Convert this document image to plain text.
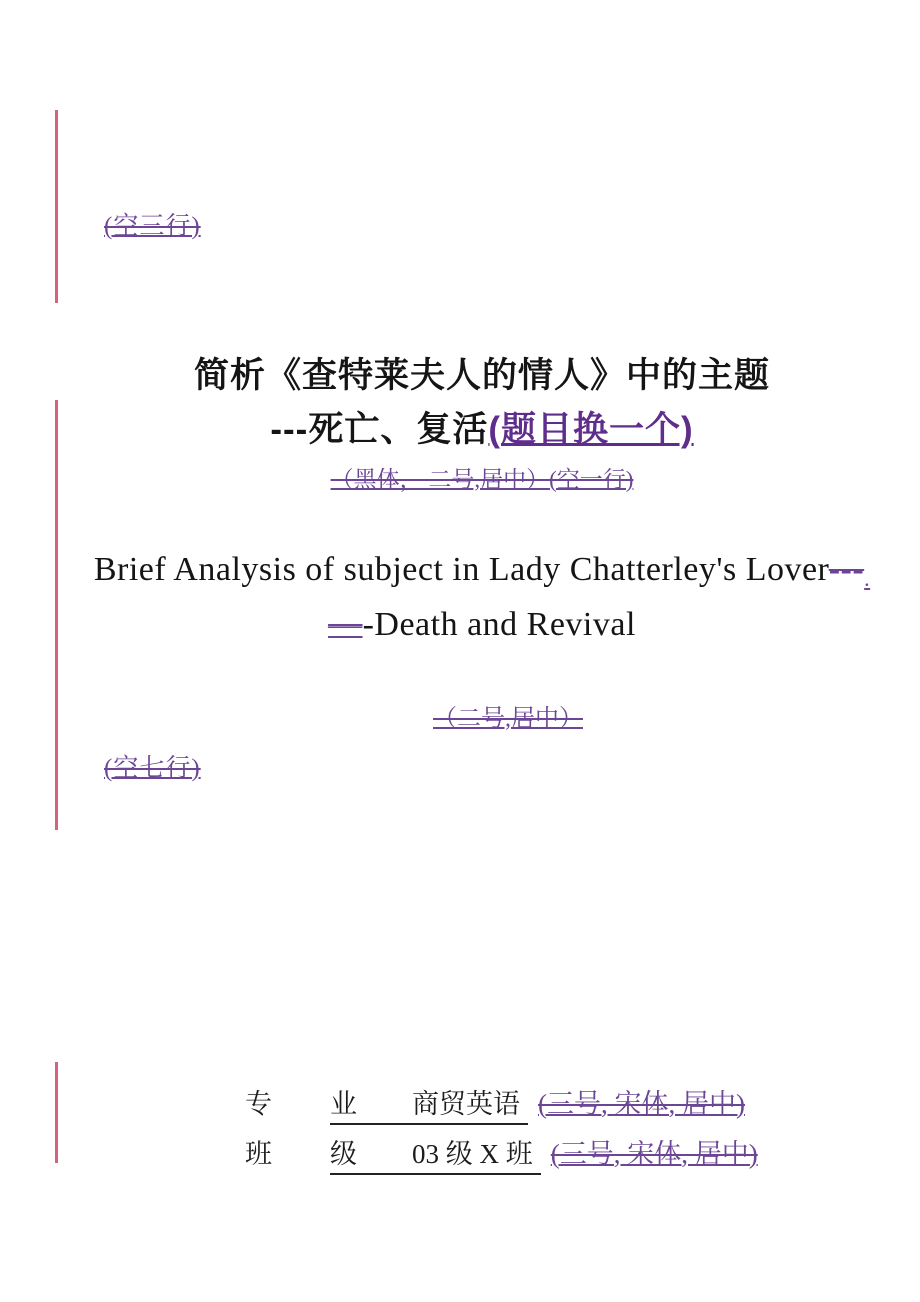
(空三行)
简析《查特莱夫人的情人》中的主题
---死亡、复活(题目换一个)
（黑体， 二号,居中）(空一行)
Brief Analysis of subject in Lady Chatterley's Lover---.
—-Death and Revival
（二号,居中）
(空七行)
专 业 商贸英语 (三号, 宋体, 居中)
班 级 03 级 X 班 (三号, 宋体, 居中)
